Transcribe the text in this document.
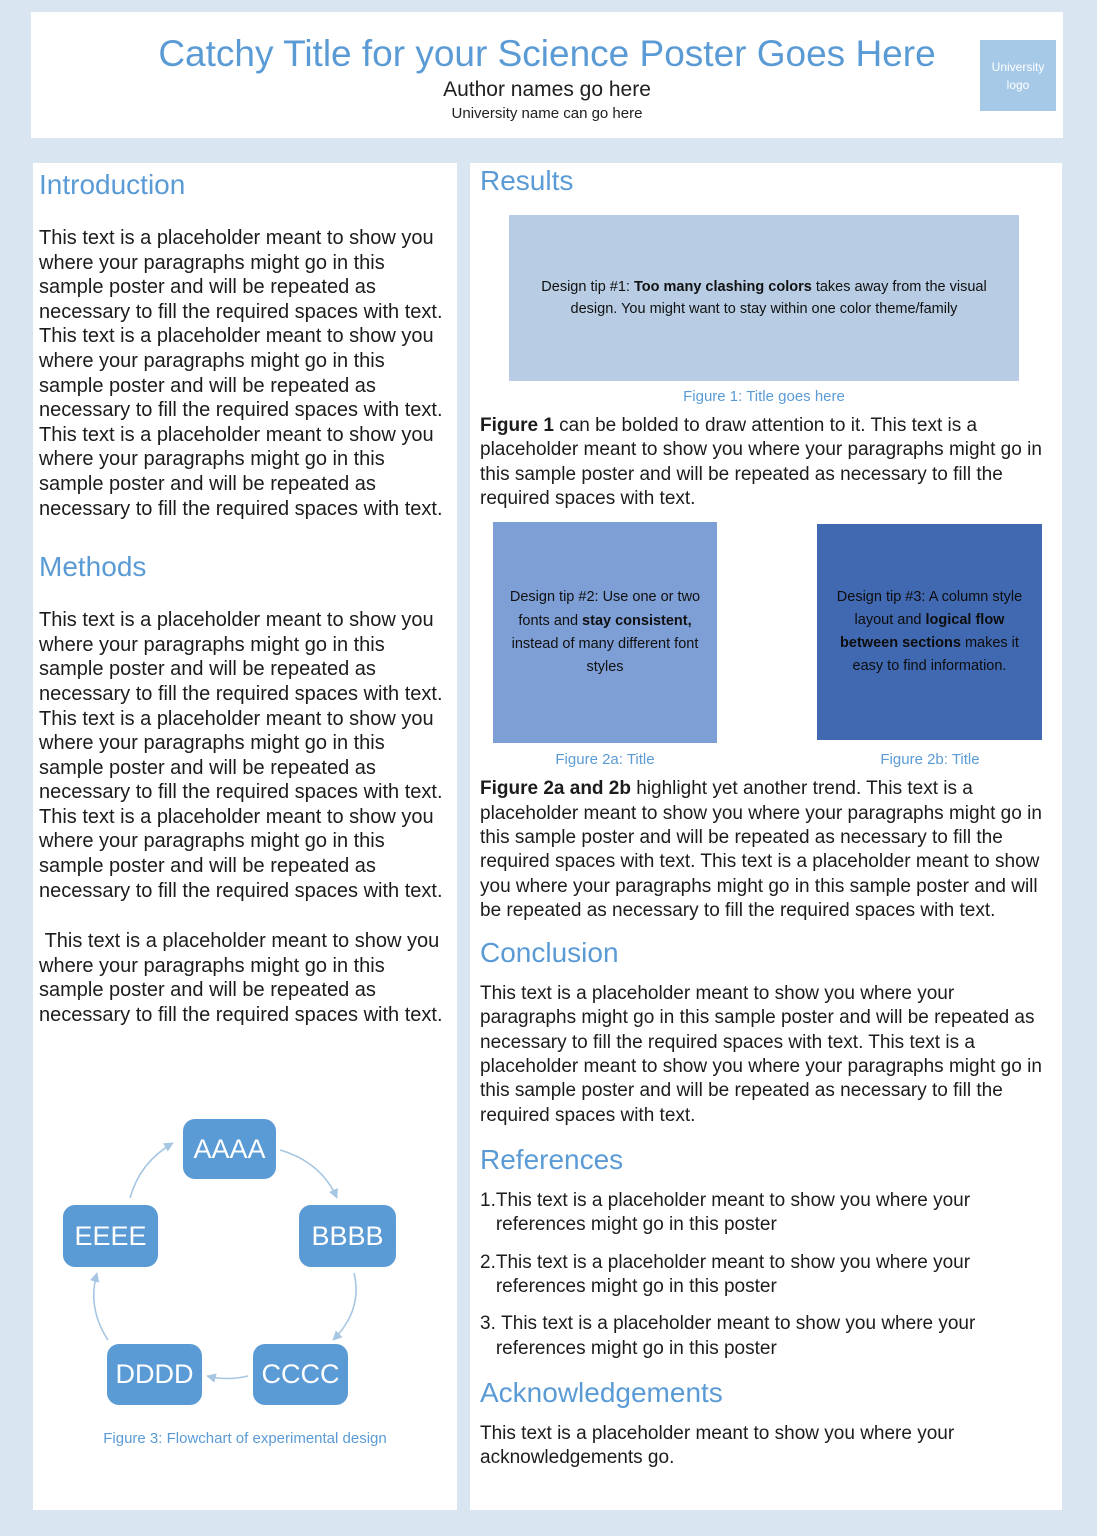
Catchy Title for your Science Poster Goes Here
Author names go here
University name can go here
University logo
Introduction

This text is a placeholder meant to show you where your paragraphs might go in this sample poster and will be repeated as necessary to fill the required spaces with text. This text is a placeholder meant to show you where your paragraphs might go in this sample poster and will be repeated as necessary to fill the required spaces with text. This text is a placeholder meant to show you where your paragraphs might go in this sample poster and will be repeated as necessary to fill the required spaces with text.

Methods

This text is a placeholder meant to show you where your paragraphs might go in this sample poster and will be repeated as necessary to fill the required spaces with text. This text is a placeholder meant to show you where your paragraphs might go in this sample poster and will be repeated as necessary to fill the required spaces with text. This text is a placeholder meant to show you where your paragraphs might go in this sample poster and will be repeated as necessary to fill the required spaces with text.

This text is a placeholder meant to show you where your paragraphs might go in this sample poster and will be repeated as necessary to fill the required spaces with text.

AAAA
BBBB
CCCC
DDDD
EEEE
Figure 3: Flowchart of experimental design
Results
Design tip #1: Too many clashing colors takes away from the visual design. You might want to stay within one color theme/family
Figure 1: Title goes here

Figure 1 can be bolded to draw attention to it. This text is a placeholder meant to show you where your paragraphs might go in this sample poster and will be repeated as necessary to fill the required spaces with text.

Design tip #2: Use one or two fonts and stay consistent, instead of many different font styles
Design tip #3: A column style  layout and logical flow between sections makes it easy to find information.
Figure 2a: Title	Figure 2b: Title

Figure 2a and 2b highlight yet another trend. This text is a placeholder meant to show you where your paragraphs might go in this sample poster and will be repeated as necessary to fill the required spaces with text. This text is a placeholder meant to show you where your paragraphs might go in this sample poster and will be repeated as necessary to fill the required spaces with text.

Conclusion

This text is a placeholder meant to show you where your paragraphs might go in this sample poster and will be repeated as necessary to fill the required spaces with text. This text is a placeholder meant to show you where your paragraphs might go in this sample poster and will be repeated as necessary to fill the required spaces with text.

References
1. This text is a placeholder meant to show you where your references might go in this poster
2. This text is a placeholder meant to show you where your references might go in this poster
3. This text is a placeholder meant to show you where your references might go in this poster
Acknowledgements

This text is a placeholder meant to show you where your acknowledgements go.
